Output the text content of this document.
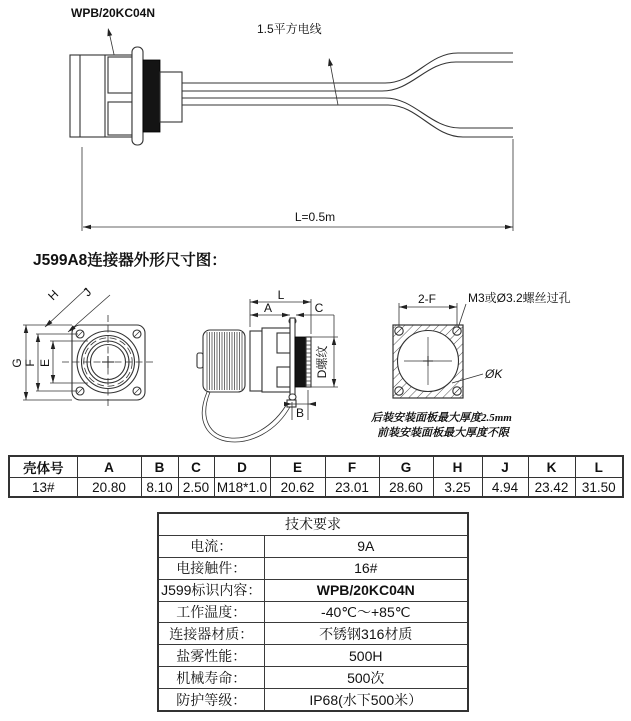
WPB/20KC04N
1.5平方电线
L=0.5m
J599A8连接器外形尺寸图：
G F E
H J	L
A	C
D螺纹
B
2-F	M3或Ø3.2螺丝过孔
ØK
后装安装面板最大厚度2.5mm
前装安装面板最大厚度不限
壳体号	A	B	C	D	E	F	G	H	J	K	L
13#	20.80	8.10	2.50	M18*1.0	20.62	23.01	28.60	3.25	4.94	23.42	31.50
技术要求	
电流：	9A
电接触件：	16#
J599标识内容：	WPB/20KC04N
工作温度：	-40℃～+85℃
连接器材质：	不锈钢316材质
盐雾性能：	500H
机械寿命：	500次
防护等级：	IP68(水下500米）
